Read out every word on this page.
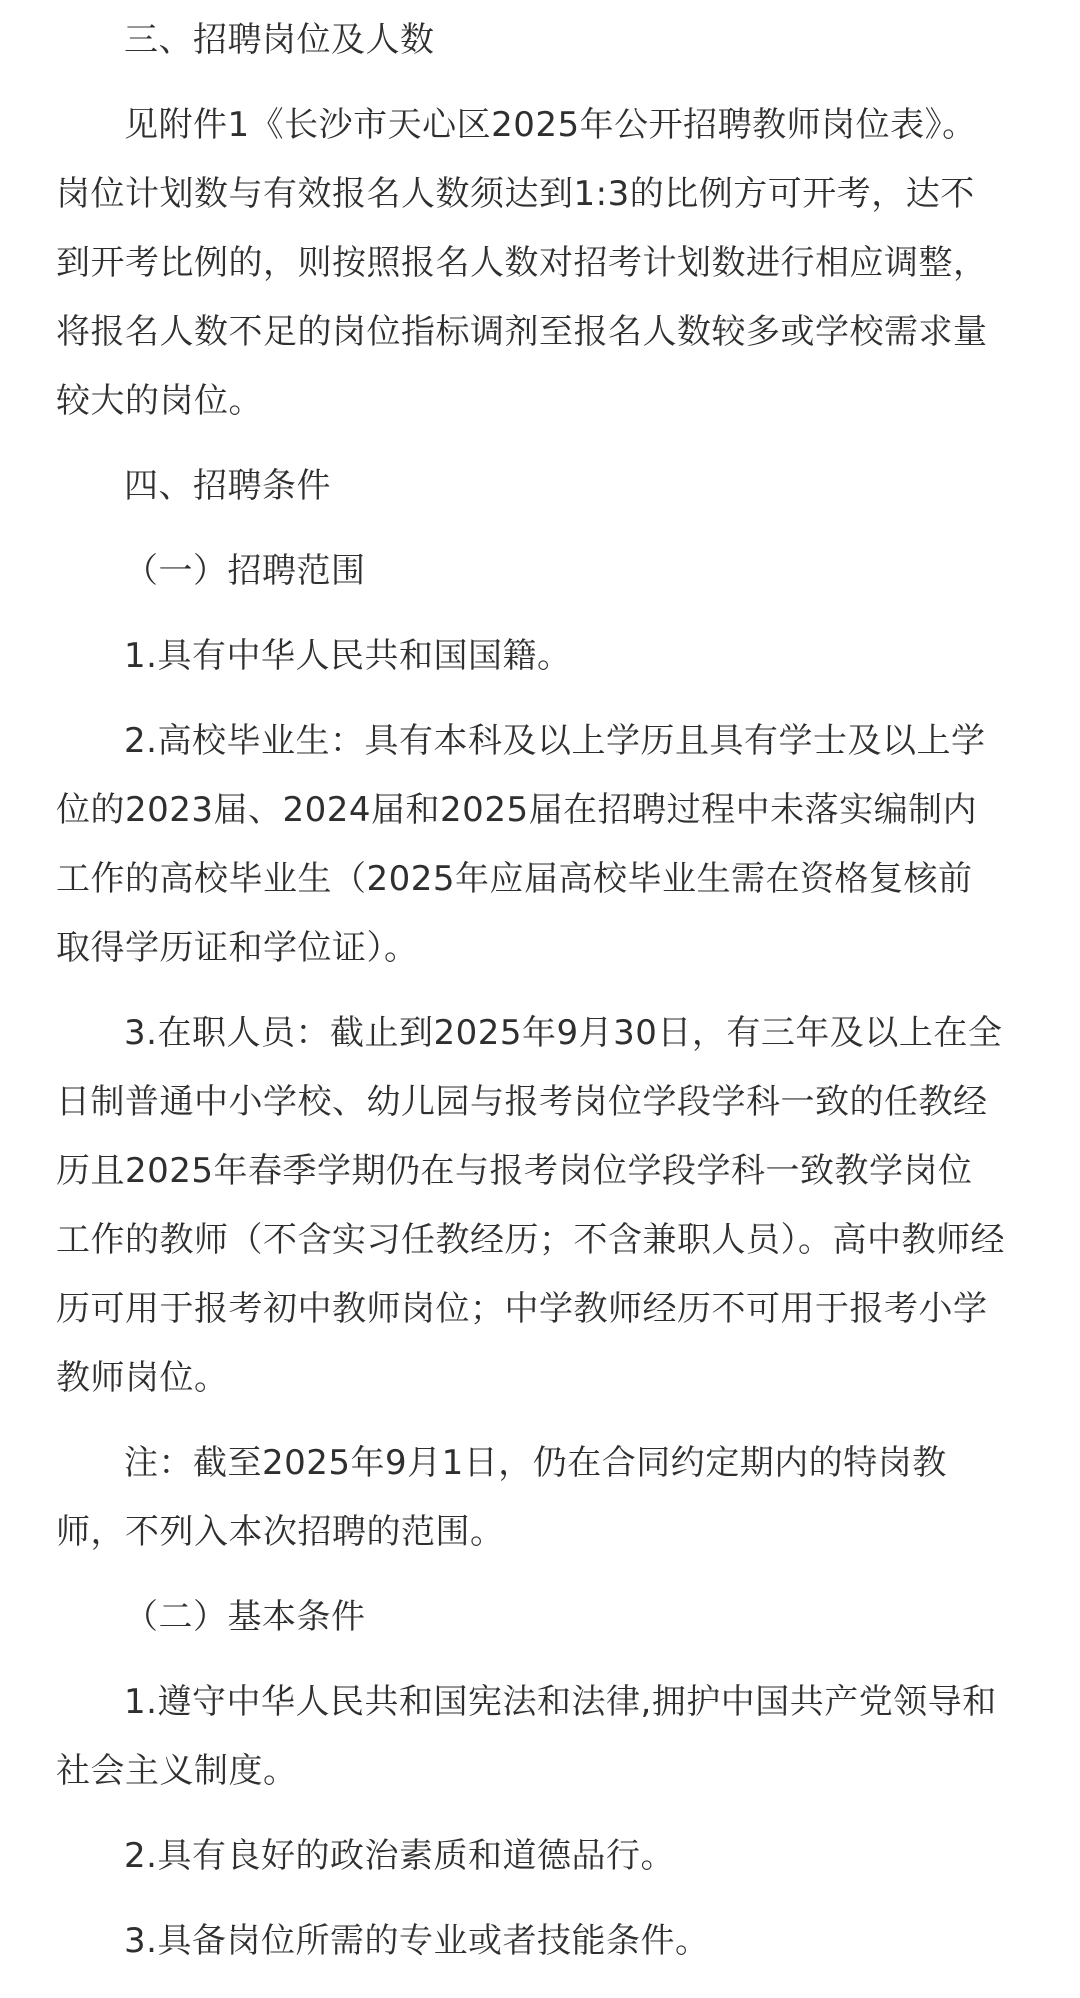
三、招聘岗位及人数

见附件1《长沙市天心区2025年公开招聘教师岗位表》。岗位计划数与有效报名人数须达到1:3的比例方可开考，达不到开考比例的，则按照报名人数对招考计划数进行相应调整，将报名人数不足的岗位指标调剂至报名人数较多或学校需求量较大的岗位。

四、招聘条件

（一）招聘范围

1.具有中华人民共和国国籍。

2.高校毕业生：具有本科及以上学历且具有学士及以上学位的2023届、2024届和2025届在招聘过程中未落实编制内工作的高校毕业生（2025年应届高校毕业生需在资格复核前取得学历证和学位证）。

3.在职人员：截止到2025年9月30日，有三年及以上在全日制普通中小学校、幼儿园与报考岗位学段学科一致的任教经历且2025年春季学期仍在与报考岗位学段学科一致教学岗位工作的教师（不含实习任教经历；不含兼职人员）。高中教师经历可用于报考初中教师岗位；中学教师经历不可用于报考小学教师岗位。

注：截至2025年9月1日，仍在合同约定期内的特岗教师，不列入本次招聘的范围。

（二）基本条件

1.遵守中华人民共和国宪法和法律,拥护中国共产党领导和社会主义制度。

2.具有良好的政治素质和道德品行。

3.具备岗位所需的专业或者技能条件。
